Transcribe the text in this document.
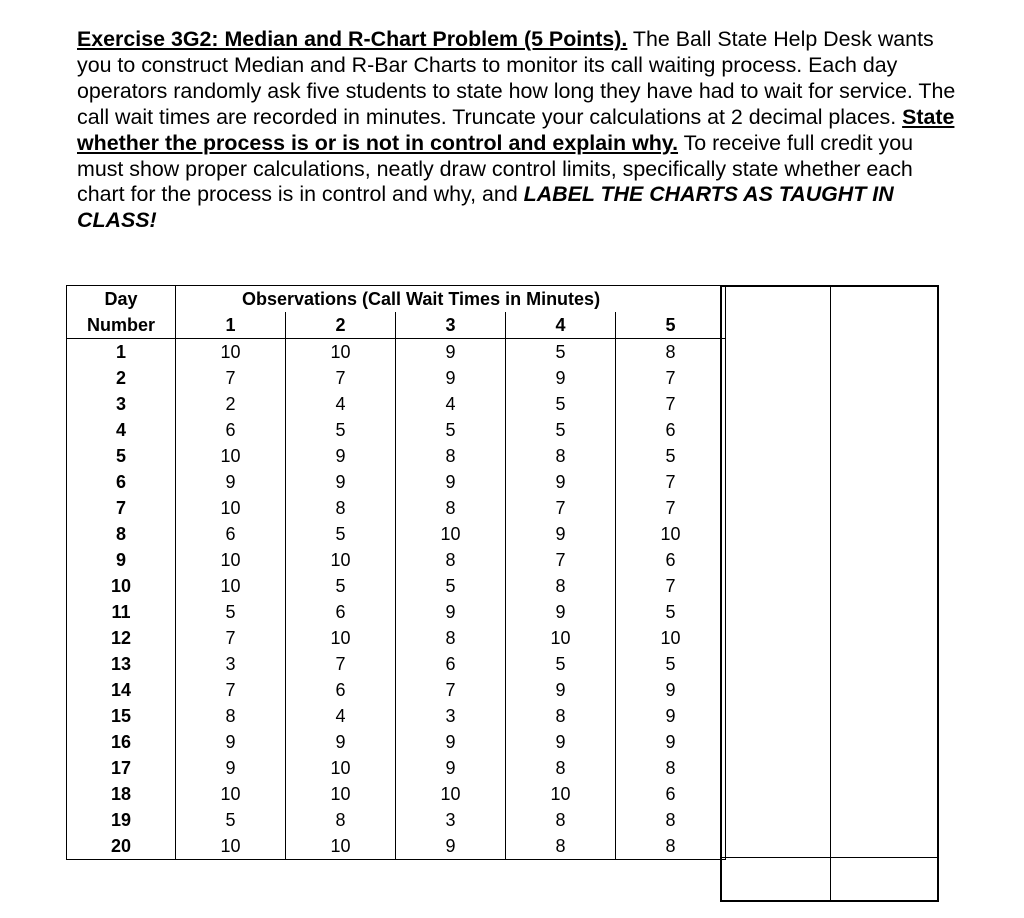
Exercise 3G2: Median and R-Chart Problem (5 Points). The Ball State Help Desk wants you to construct Median and R-Bar Charts to monitor its call waiting process. Each day operators randomly ask five students to state how long they have had to wait for service. The call wait times are recorded in minutes. Truncate your calculations at 2 decimal places. State whether the process is or is not in control and explain why. To receive full credit you must show proper calculations, neatly draw control limits, specifically state whether each chart for the process is in control and why, and LABEL THE CHARTS AS TAUGHT IN CLASS!
Day	Observations (Call Wait Times in Minutes)				
Number	1	2	3	4	5
1	10	10	9	5	8
2	7	7	9	9	7
3	2	4	4	5	7
4	6	5	5	5	6
5	10	9	8	8	5
6	9	9	9	9	7
7	10	8	8	7	7
8	6	5	10	9	10
9	10	10	8	7	6
10	10	5	5	8	7
11	5	6	9	9	5
12	7	10	8	10	10
13	3	7	6	5	5
14	7	6	7	9	9
15	8	4	3	8	9
16	9	9	9	9	9
17	9	10	9	8	8
18	10	10	10	10	6
19	5	8	3	8	8
20	10	10	9	8	8
